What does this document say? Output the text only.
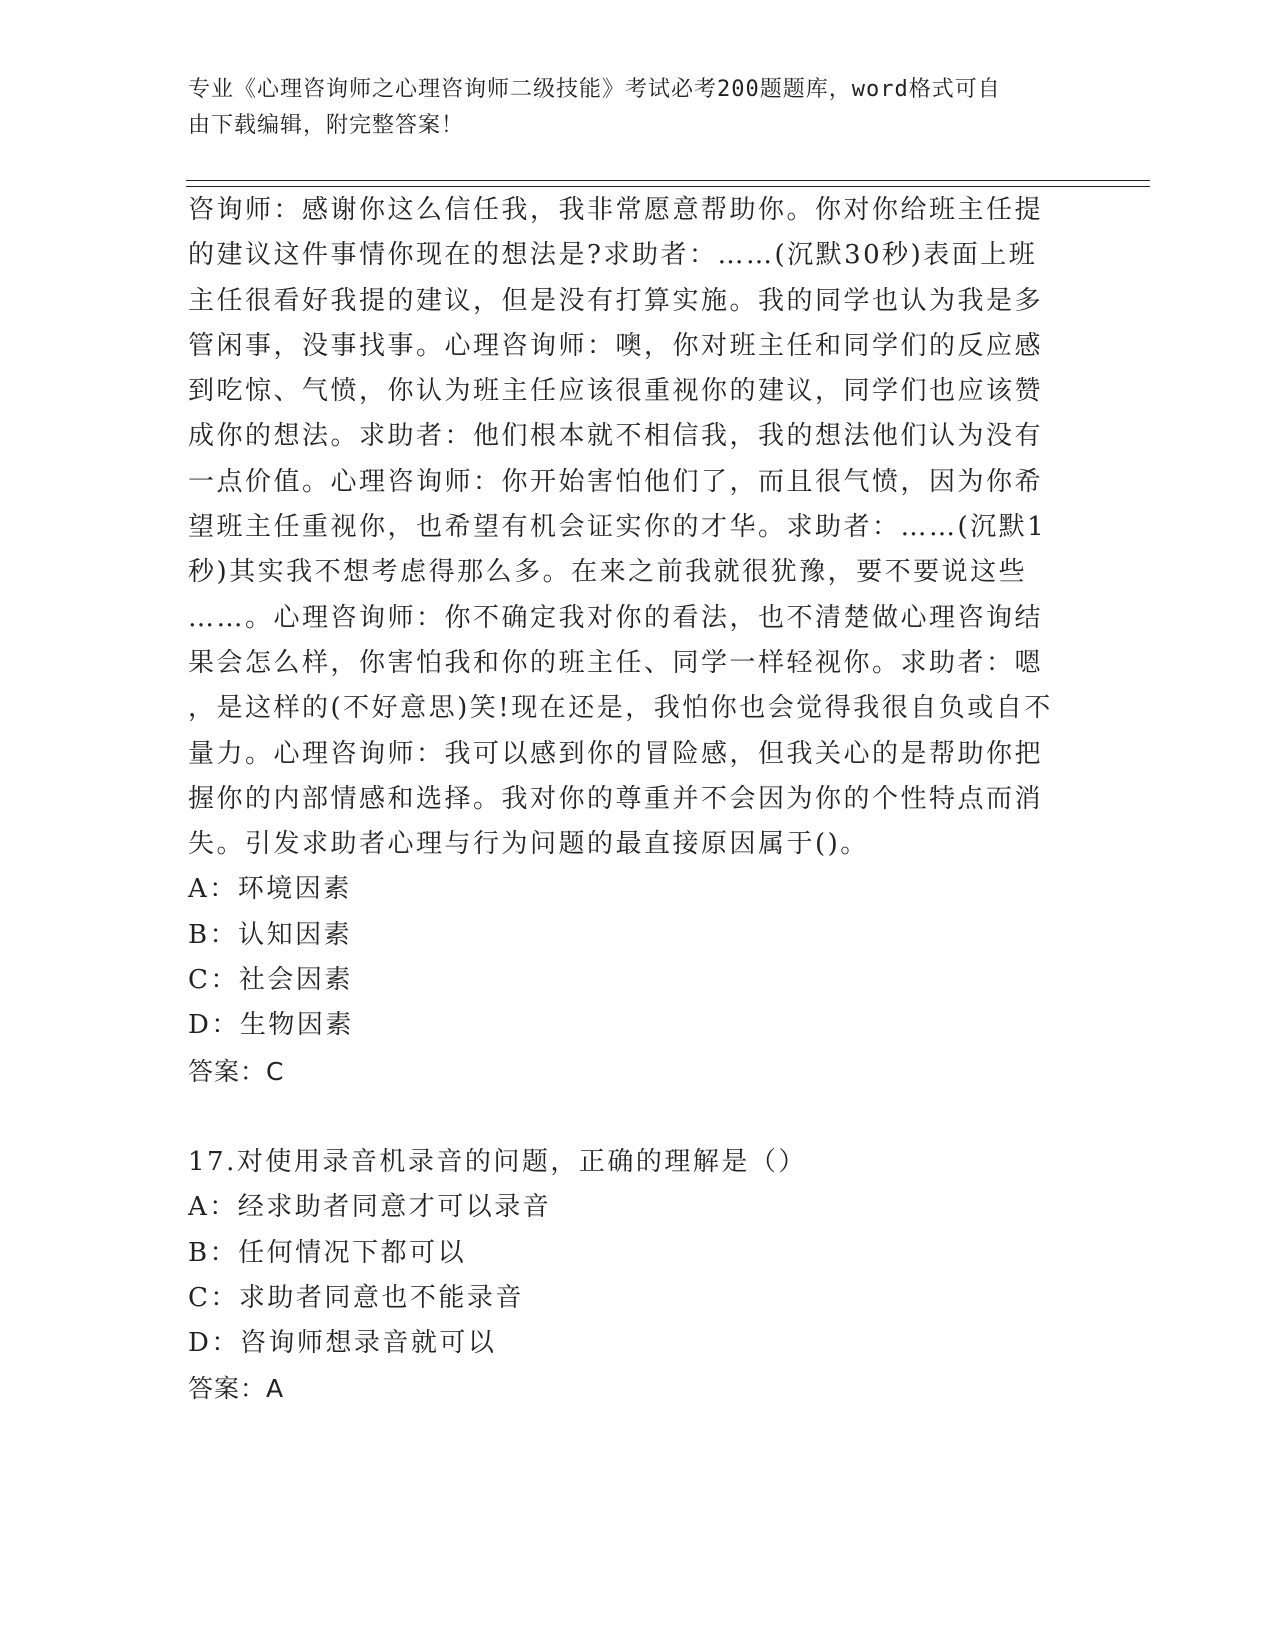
专业《心理咨询师之心理咨询师二级技能》考试必考200题题库，word格式可自
由下载编辑，附完整答案！
咨询师：感谢你这么信任我，我非常愿意帮助你。你对你给班主任提
的建议这件事情你现在的想法是?求助者：……(沉默30秒)表面上班
主任很看好我提的建议，但是没有打算实施。我的同学也认为我是多
管闲事，没事找事。心理咨询师：噢，你对班主任和同学们的反应感
到吃惊、气愤，你认为班主任应该很重视你的建议，同学们也应该赞
成你的想法。求助者：他们根本就不相信我，我的想法他们认为没有
一点价值。心理咨询师：你开始害怕他们了，而且很气愤，因为你希
望班主任重视你，也希望有机会证实你的才华。求助者：……(沉默1
秒)其实我不想考虑得那么多。在来之前我就很犹豫，要不要说这些
……。心理咨询师：你不确定我对你的看法，也不清楚做心理咨询结
果会怎么样，你害怕我和你的班主任、同学一样轻视你。求助者：嗯
，是这样的(不好意思)笑!现在还是，我怕你也会觉得我很自负或自不
量力。心理咨询师：我可以感到你的冒险感，但我关心的是帮助你把
握你的内部情感和选择。我对你的尊重并不会因为你的个性特点而消
失。引发求助者心理与行为问题的最直接原因属于()。
A：环境因素
B：认知因素
C：社会因素
D：生物因素
答案：C
17.对使用录音机录音的问题，正确的理解是（）
A：经求助者同意才可以录音
B：任何情况下都可以
C：求助者同意也不能录音
D：咨询师想录音就可以
答案：A
